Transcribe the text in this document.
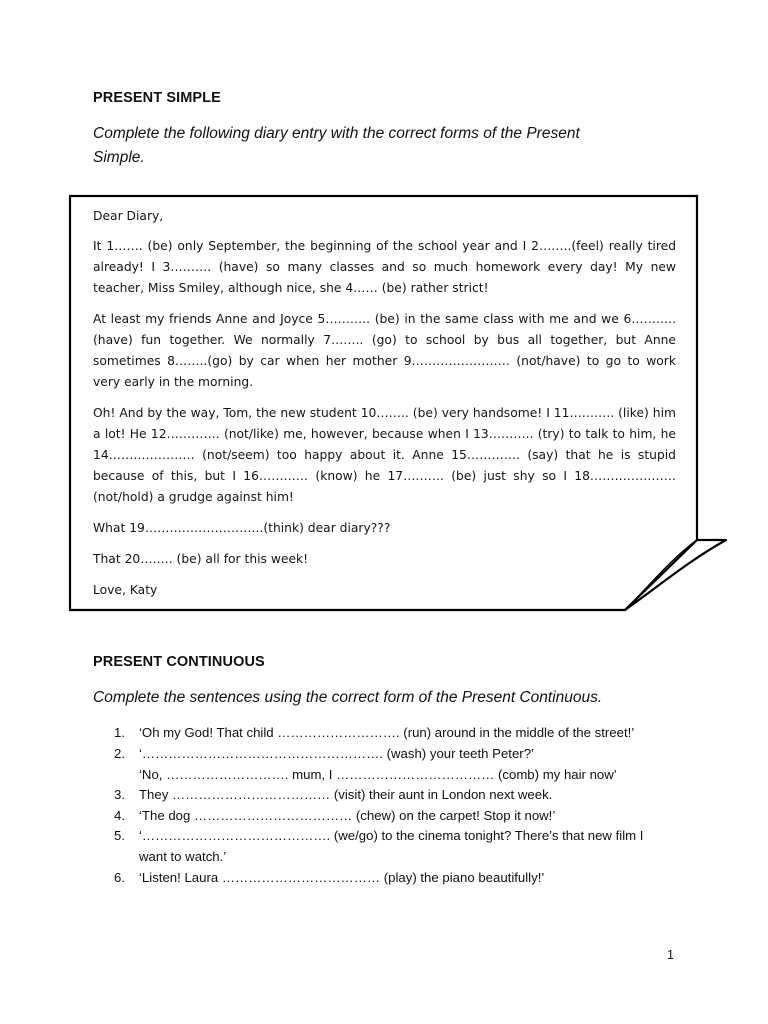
PRESENT SIMPLE
Complete the following diary entry with the correct forms of the Present
Simple.

Dear Diary,

It 1……. (be) only September, the beginning of the school year and I 2……..(feel) really tired already! I 3………. (have) so many classes and so much homework every day! My new teacher, Miss Smiley, although nice, she 4…… (be) rather strict!

At least my friends Anne and Joyce 5……….. (be) in the same class with me and we 6………..(have) fun together. We normally 7…….. (go) to school by bus all together, but Anne sometimes 8……..(go) by car when her mother 9…………………… (not/have) to go to work very early in the morning.

Oh! And by the way, Tom, the new student 10…….. (be) very handsome! I 11……….. (like) him a lot! He 12…………. (not/like) me, however, because when I 13……….. (try) to talk to him, he 14………………… (not/seem) too happy about it. Anne 15…………. (say) that he is stupid because of this, but I 16………… (know) he 17………. (be) just shy so I 18………………… (not/hold) a grudge against him!

What 19………………………..(think) dear diary???

That 20…….. (be) all for this week!

Love, Katy

PRESENT CONTINUOUS
Complete the sentences using the correct form of the Present Continuous.
1.	‘Oh my God! That child ………………………. (run) around in the middle of the street!’
2.	‘………………………………………………. (wash) your teeth Peter?’
‘No, ………………………. mum, I ……………………………… (comb) my hair now’
3.	They ……………………………… (visit) their aunt in London next week.
4.	‘The dog ……………………………… (chew) on the carpet! Stop it now!’
5.	‘……………………………………. (we/go) to the cinema tonight? There’s that new film I
want to watch.’
6.	‘Listen! Laura ……………………………… (play) the piano beautifully!’
1
